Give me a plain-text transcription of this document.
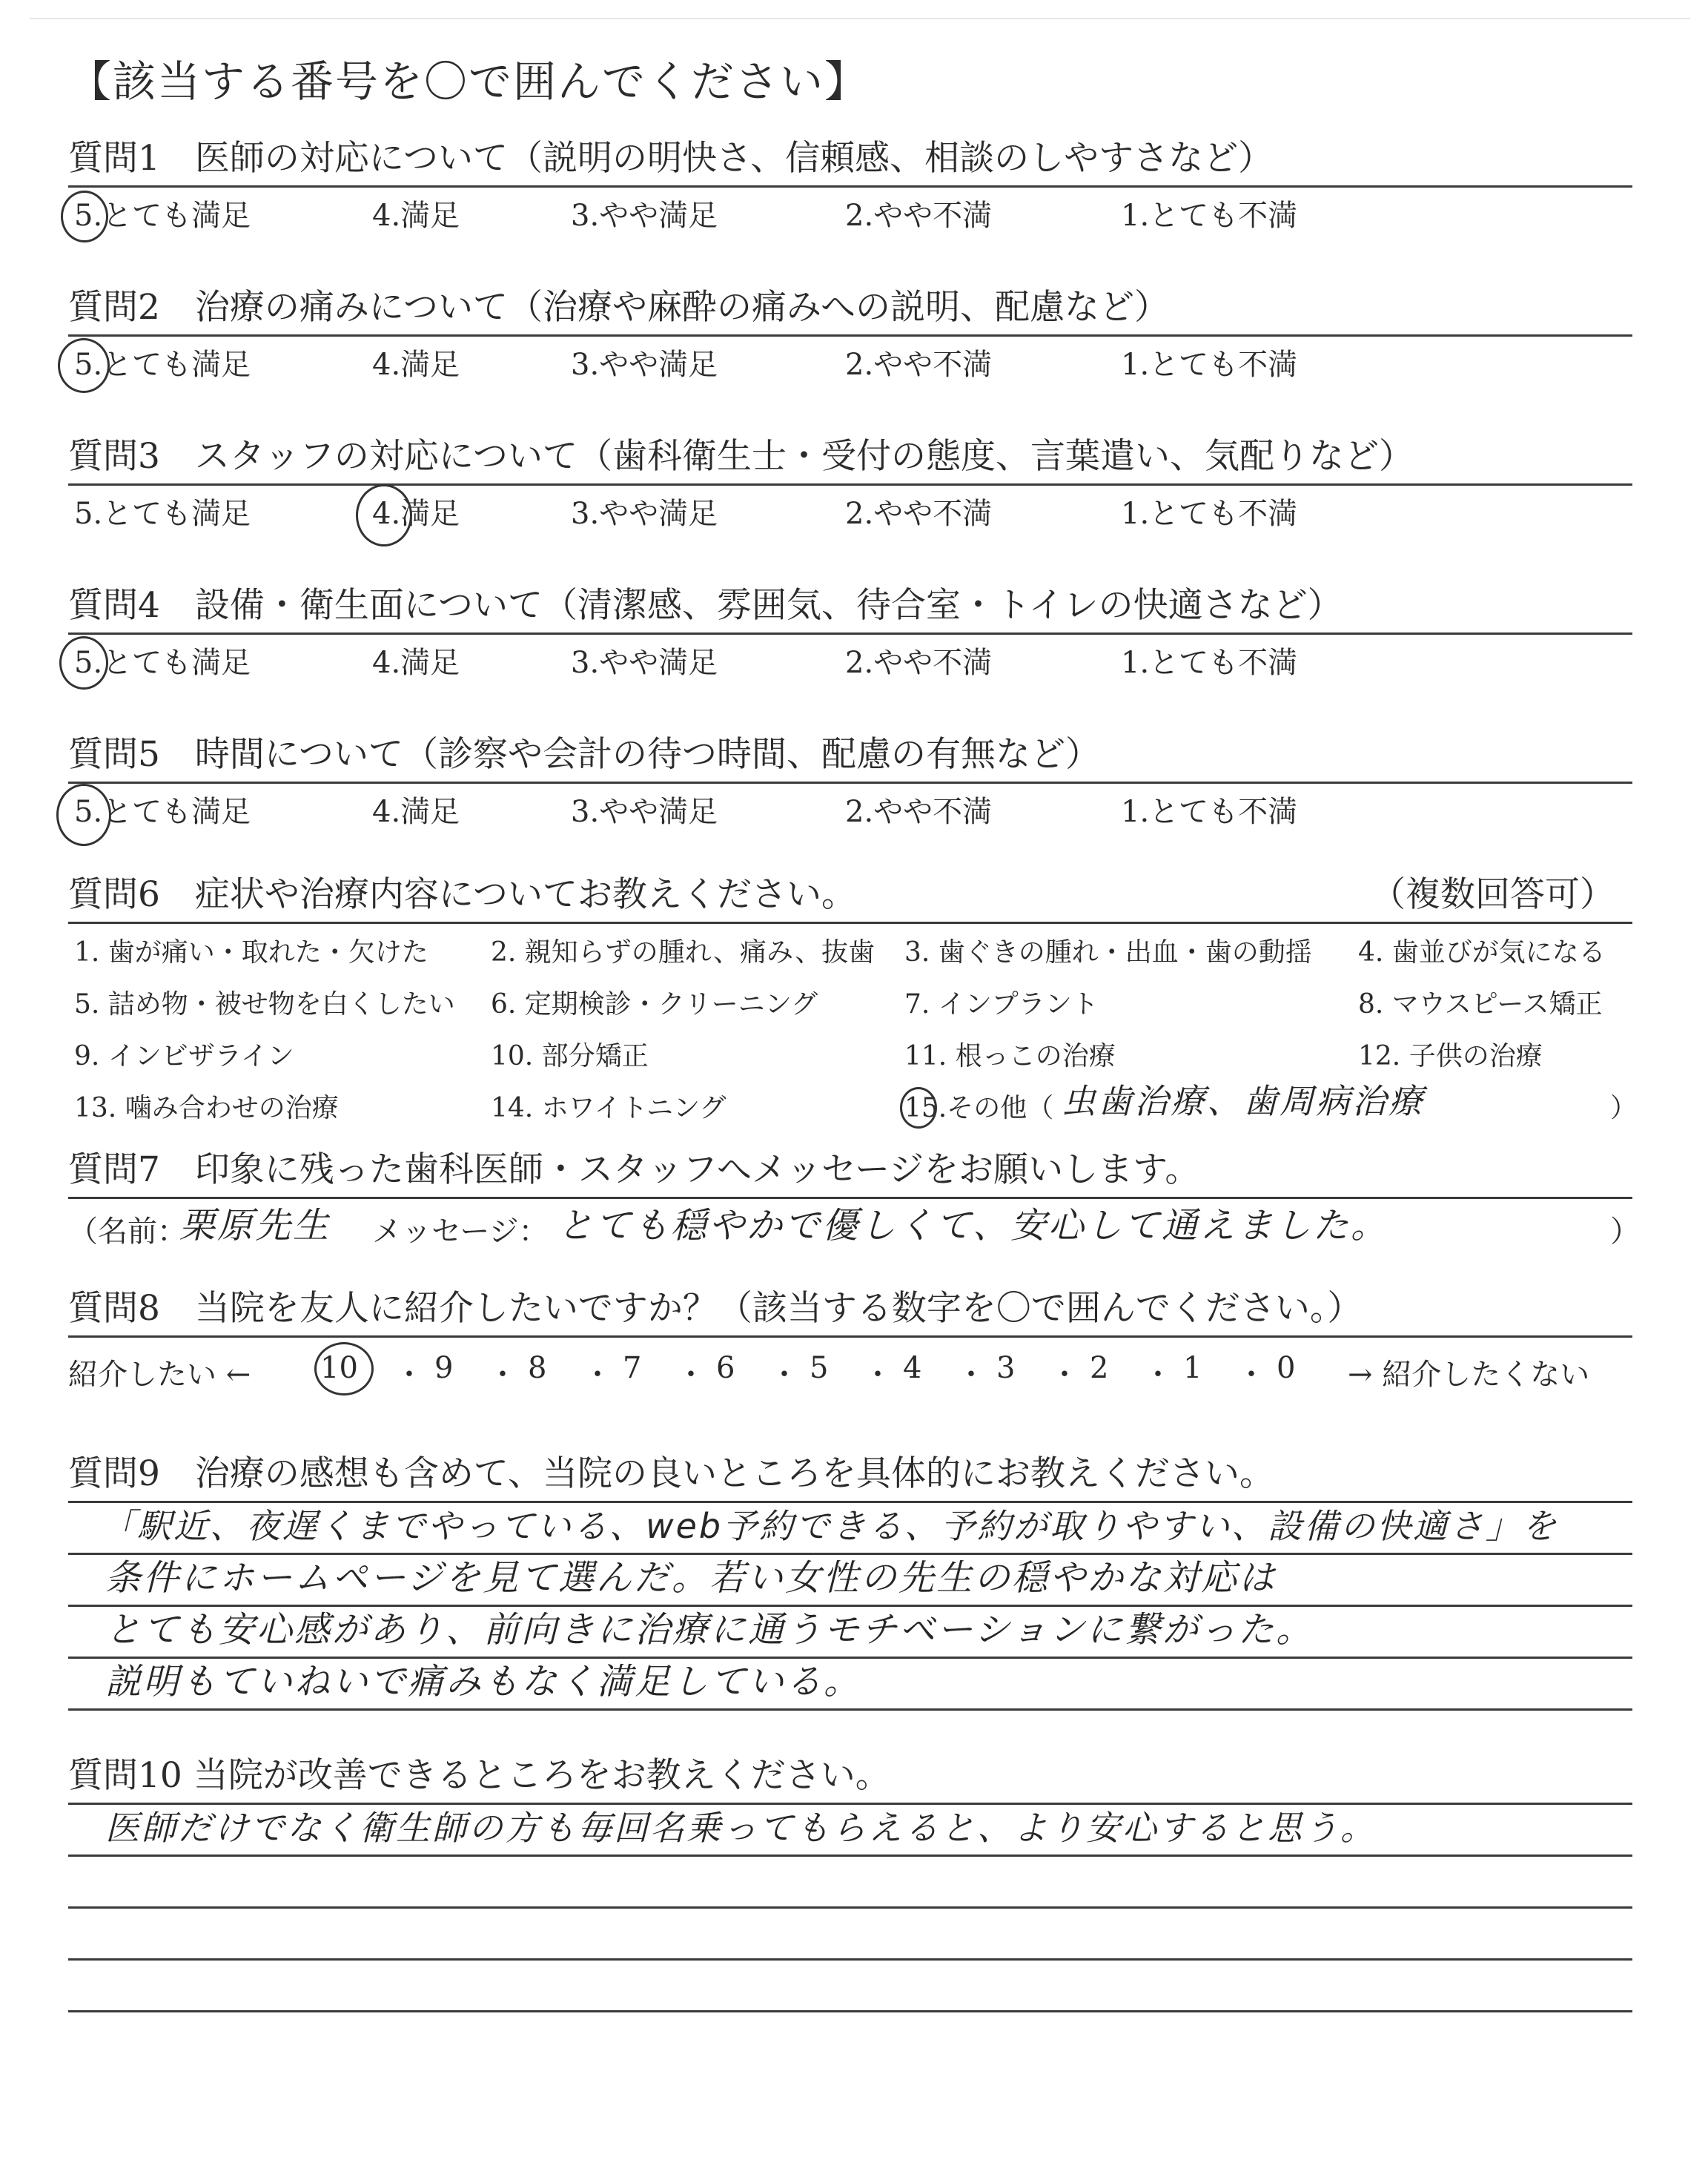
【該当する番号を〇で囲んでください】
質問1　医師の対応について（説明の明快さ、信頼感、相談のしやすさなど）
5.とても満足	4.満足	3.やや満足	2.やや不満	1.とても不満
質問2　治療の痛みについて（治療や麻酔の痛みへの説明、配慮など）
5.とても満足	4.満足	3.やや満足	2.やや不満	1.とても不満
質問3　スタッフの対応について（歯科衛生士・受付の態度、言葉遣い、気配りなど）
5.とても満足	4.満足	3.やや満足	2.やや不満	1.とても不満
質問4　設備・衛生面について（清潔感、雰囲気、待合室・トイレの快適さなど）
5.とても満足	4.満足	3.やや満足	2.やや不満	1.とても不満
質問5　時間について（診察や会計の待つ時間、配慮の有無など）
5.とても満足	4.満足	3.やや満足	2.やや不満	1.とても不満
質問6　症状や治療内容についてお教えください。	（複数回答可）
1. 歯が痛い・取れた・欠けた 2. 親知らずの腫れ、痛み、抜歯 3. 歯ぐきの腫れ・出血・歯の動揺 4. 歯並びが気になる
5. 詰め物・被せ物を白くしたい 6. 定期検診・クリーニング	7. インプラント	8. マウスピース矯正
9. インビザライン	10. 部分矯正	11. 根っこの治療	12. 子供の治療
13. 噛み合わせの治療	14. ホワイトニング	15.その他（ 虫歯治療、歯周病治療	）
質問7　印象に残った歯科医師・スタッフへメッセージをお願いします。
（名前：
栗原先生 メッセージ： とても穏やかで優しくて、安心して通えました。	）
質問8　当院を友人に紹介したいですか？（該当する数字を〇で囲んでください。）
紹介したい ← 10 ・ 9 ・ 8 ・ 7 ・ 6 ・ 5 ・ 4 ・ 3 ・ 2 ・ 1 ・ 0 → 紹介したくない
質問9　治療の感想も含めて、当院の良いところを具体的にお教えください。
「駅近、夜遅くまでやっている、web予約できる、予約が取りやすい、設備の快適さ」を
条件にホームページを見て選んだ。若い女性の先生の穏やかな対応は
とても安心感があり、前向きに治療に通うモチベーションに繋がった。
説明もていねいで痛みもなく満足している。
質問10 当院が改善できるところをお教えください。
医師だけでなく衛生師の方も毎回名乗ってもらえると、より安心すると思う。
